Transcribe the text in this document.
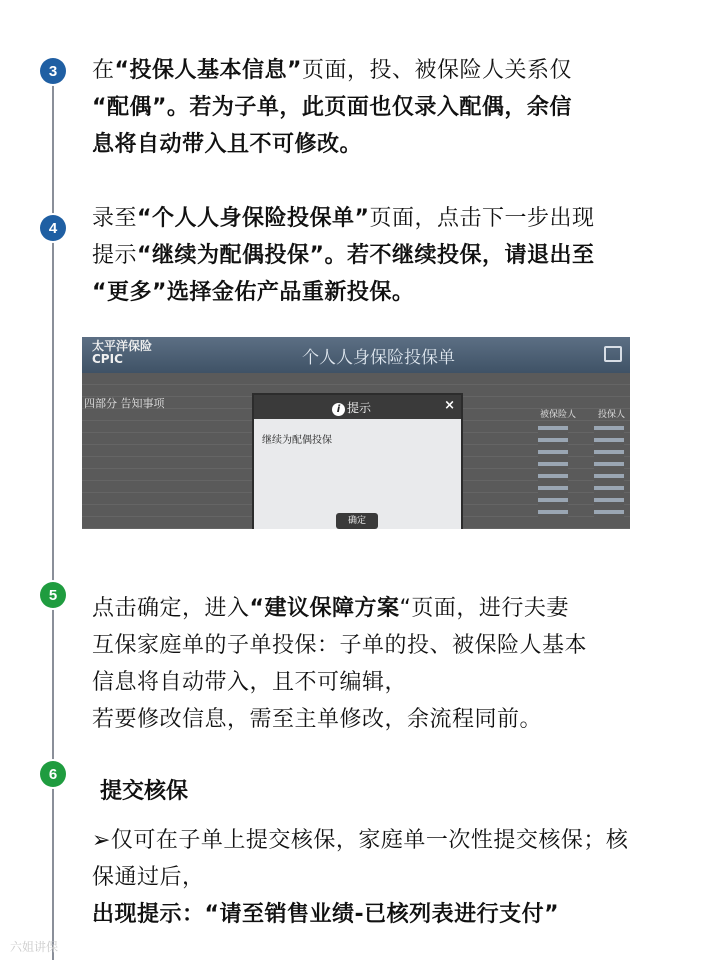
3
4
5
6

在“投保人基本信息”页面，投、被保险人关系仅

“配偶”。若为子单，此页面也仅录入配偶，余信

息将自动带入且不可修改。

录至“个人人身保险投保单”页面，点击下一步出现

提示“继续为配偶投保”。若不继续投保，请退出至

“更多”选择金佑产品重新投保。

太平洋保险
CPIC	个人人身保险投保单
四部分 告知事项
被保险人 投保人
i 提示	×
继续为配偶投保
确定

点击确定，进入“建议保障方案“页面，进行夫妻

互保家庭单的子单投保：子单的投、被保险人基本

信息将自动带入，且不可编辑，

若要修改信息，需至主单修改，余流程同前。

提交核保

➢仅可在子单上提交核保，家庭单一次性提交核保；核

保通过后，

出现提示：“请至销售业绩-已核列表进行支付”

六姐讲保
